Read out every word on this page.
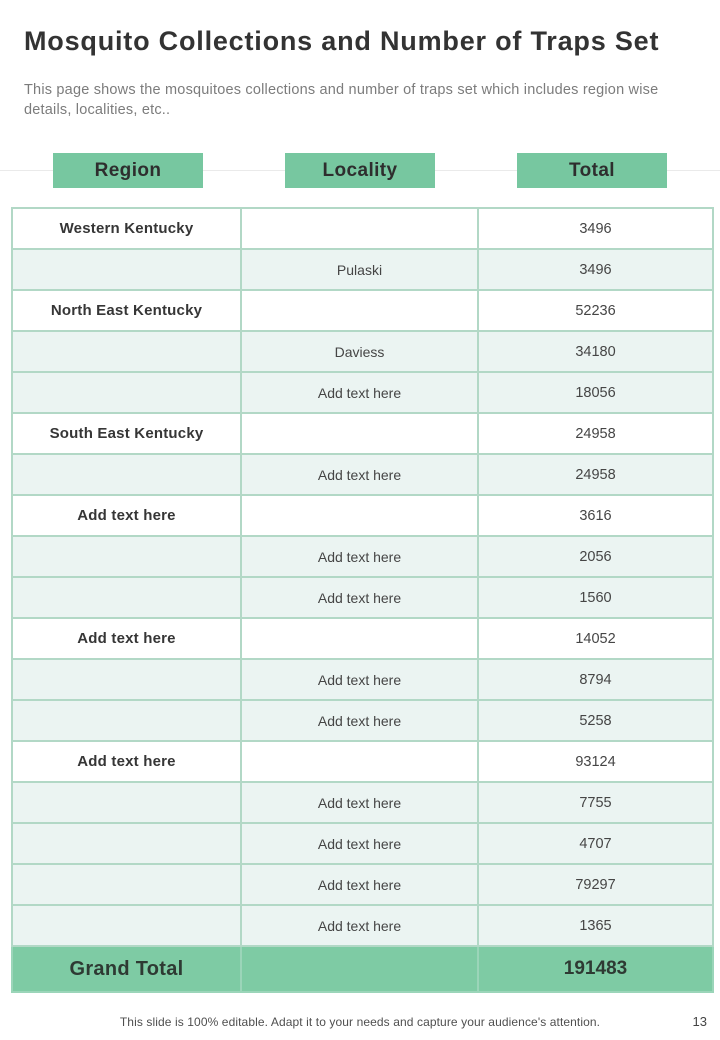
Mosquito Collections and Number of Traps Set

This page shows the mosquitoes collections and number of traps set which includes region wise details, localities, etc..

Region	Locality	Total
Western Kentucky		3496
	Pulaski	3496
North East Kentucky		52236
	Daviess	34180
	Add text here	18056
South East Kentucky		24958
	Add text here	24958
Add text here		3616
	Add text here	2056
	Add text here	1560
Add text here		14052
	Add text here	8794
	Add text here	5258
Add text here		93124
	Add text here	7755
	Add text here	4707
	Add text here	79297
	Add text here	1365
Grand Total		191483
This slide is 100% editable. Adapt it to your needs and capture your audience's attention.	13
